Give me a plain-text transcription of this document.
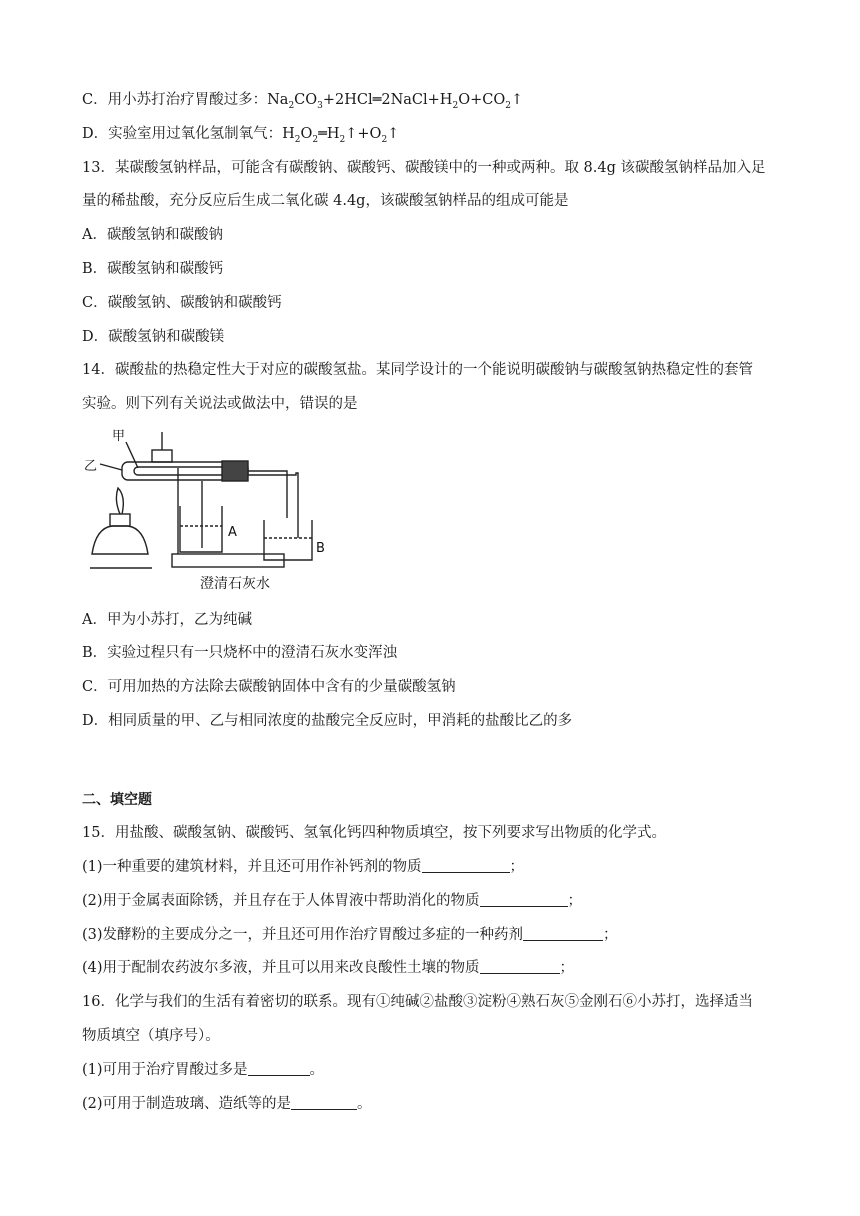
C．用小苏打治疗胃酸过多：$Na_2CO_3+2HCl═2NaCl+H_2O+CO_2↑$
D．实验室用过氧化氢制氧气：$H_2O_2═H_2↑+O_2↑$
13．某碳酸氢钠样品，可能含有碳酸钠、碳酸钙、碳酸镁中的一种或两种。取 8.4g 该碳酸氢钠样品加入足
量的稀盐酸，充分反应后生成二氧化碳 4.4g，该碳酸氢钠样品的组成可能是
A．碳酸氢钠和碳酸钠
B．碳酸氢钠和碳酸钙
C．碳酸氢钠、碳酸钠和碳酸钙
D．碳酸氢钠和碳酸镁
14．碳酸盐的热稳定性大于对应的碳酸氢盐。某同学设计的一个能说明碳酸钠与碳酸氢钠热稳定性的套管
实验。则下列有关说法或做法中，错误的是
甲
乙
A
B
澄清石灰水
A．甲为小苏打，乙为纯碱
B．实验过程只有一只烧杯中的澄清石灰水变浑浊
C．可用加热的方法除去碳酸钠固体中含有的少量碳酸氢钠
D．相同质量的甲、乙与相同浓度的盐酸完全反应时，甲消耗的盐酸比乙的多
二、填空题
15．用盐酸、碳酸氢钠、碳酸钙、氢氧化钙四种物质填空，按下列要求写出物质的化学式。
(1)一种重要的建筑材料，并且还可用作补钙剂的物质	；
(2)用于金属表面除锈，并且存在于人体胃液中帮助消化的物质	；
(3)发酵粉的主要成分之一，并且还可用作治疗胃酸过多症的一种药剂	；
(4)用于配制农药波尔多液，并且可以用来改良酸性土壤的物质	；
16．化学与我们的生活有着密切的联系。现有①纯碱②盐酸③淀粉④熟石灰⑤金刚石⑥小苏打，选择适当
物质填空（填序号）。
(1)可用于治疗胃酸过多是	。
(2)可用于制造玻璃、造纸等的是	。
